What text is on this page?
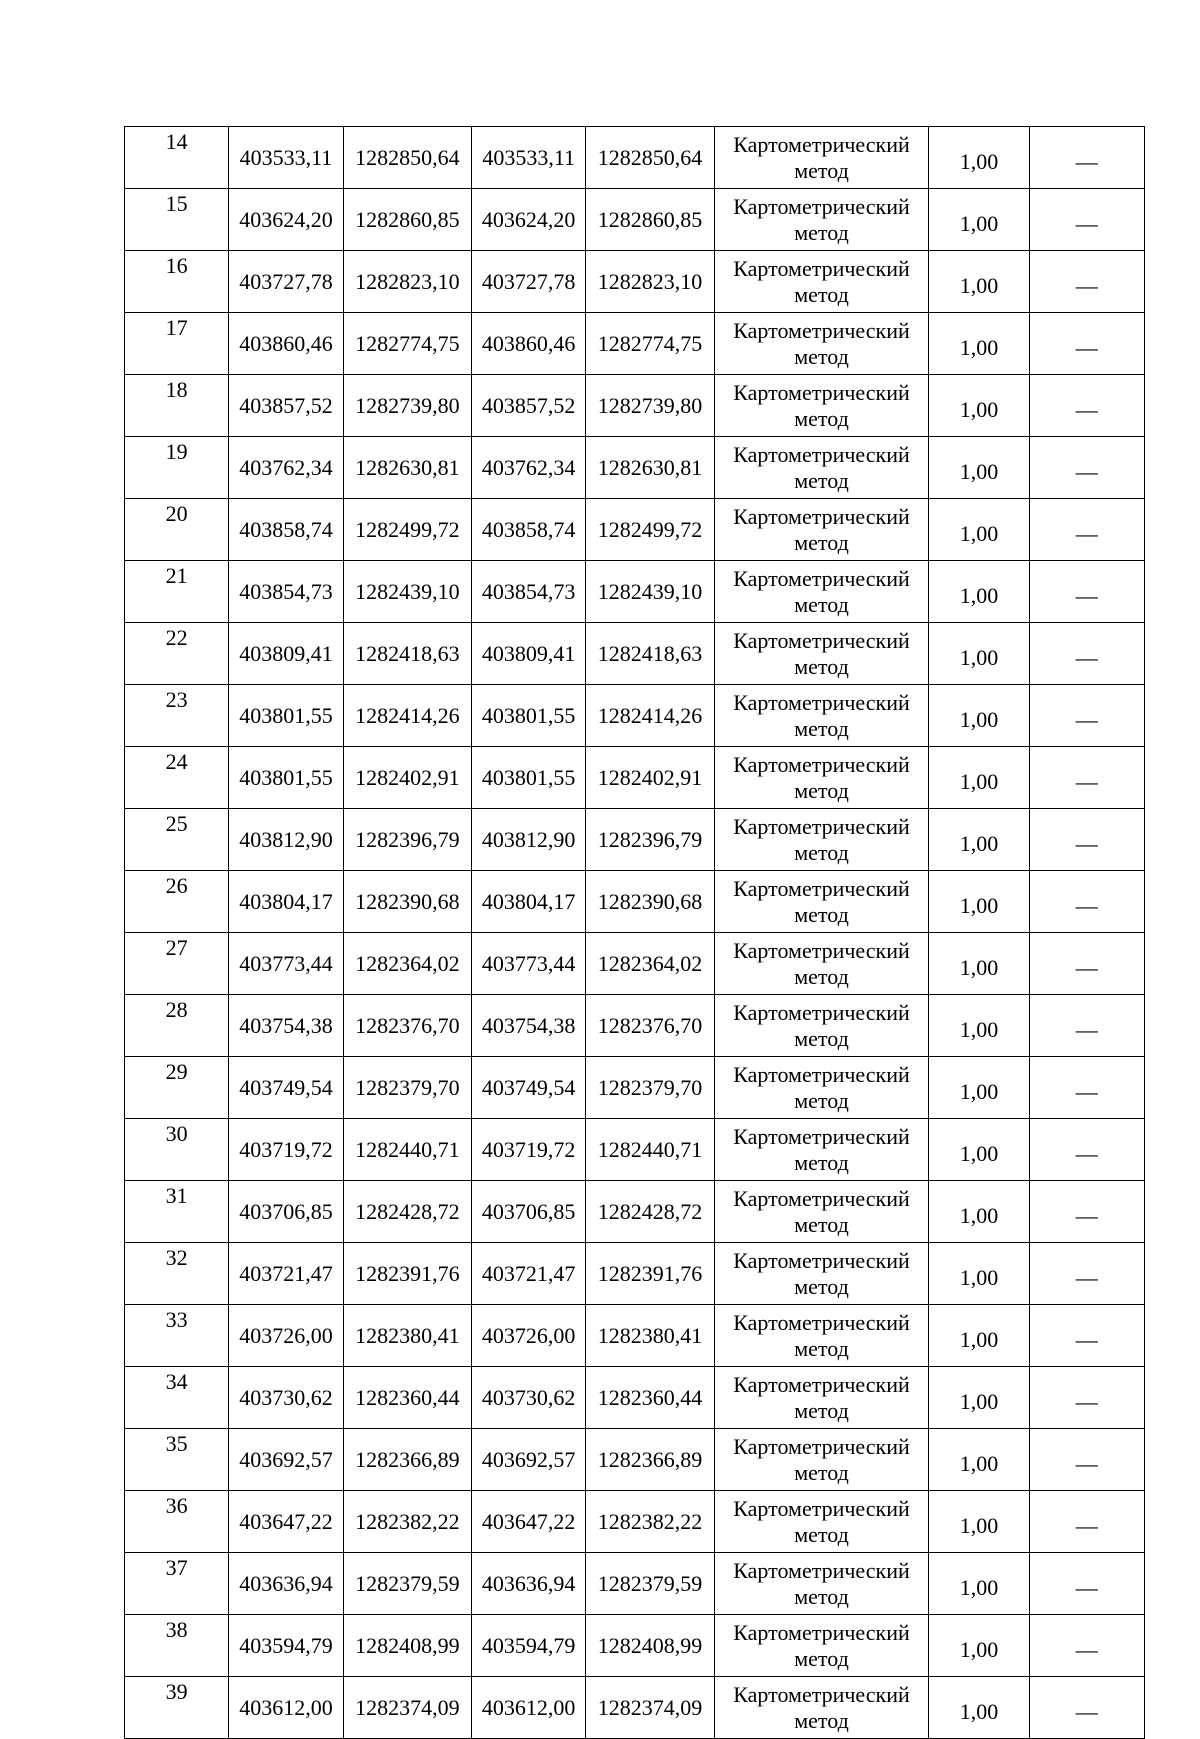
14	403533,11	1282850,64	403533,11	1282850,64	Картометрический
метод	1,00	—
15	403624,20	1282860,85	403624,20	1282860,85	Картометрический
метод	1,00	—
16	403727,78	1282823,10	403727,78	1282823,10	Картометрический
метод	1,00	—
17	403860,46	1282774,75	403860,46	1282774,75	Картометрический
метод	1,00	—
18	403857,52	1282739,80	403857,52	1282739,80	Картометрический
метод	1,00	—
19	403762,34	1282630,81	403762,34	1282630,81	Картометрический
метод	1,00	—
20	403858,74	1282499,72	403858,74	1282499,72	Картометрический
метод	1,00	—
21	403854,73	1282439,10	403854,73	1282439,10	Картометрический
метод	1,00	—
22	403809,41	1282418,63	403809,41	1282418,63	Картометрический
метод	1,00	—
23	403801,55	1282414,26	403801,55	1282414,26	Картометрический
метод	1,00	—
24	403801,55	1282402,91	403801,55	1282402,91	Картометрический
метод	1,00	—
25	403812,90	1282396,79	403812,90	1282396,79	Картометрический
метод	1,00	—
26	403804,17	1282390,68	403804,17	1282390,68	Картометрический
метод	1,00	—
27	403773,44	1282364,02	403773,44	1282364,02	Картометрический
метод	1,00	—
28	403754,38	1282376,70	403754,38	1282376,70	Картометрический
метод	1,00	—
29	403749,54	1282379,70	403749,54	1282379,70	Картометрический
метод	1,00	—
30	403719,72	1282440,71	403719,72	1282440,71	Картометрический
метод	1,00	—
31	403706,85	1282428,72	403706,85	1282428,72	Картометрический
метод	1,00	—
32	403721,47	1282391,76	403721,47	1282391,76	Картометрический
метод	1,00	—
33	403726,00	1282380,41	403726,00	1282380,41	Картометрический
метод	1,00	—
34	403730,62	1282360,44	403730,62	1282360,44	Картометрический
метод	1,00	—
35	403692,57	1282366,89	403692,57	1282366,89	Картометрический
метод	1,00	—
36	403647,22	1282382,22	403647,22	1282382,22	Картометрический
метод	1,00	—
37	403636,94	1282379,59	403636,94	1282379,59	Картометрический
метод	1,00	—
38	403594,79	1282408,99	403594,79	1282408,99	Картометрический
метод	1,00	—
39	403612,00	1282374,09	403612,00	1282374,09	Картометрический
метод	1,00	—
